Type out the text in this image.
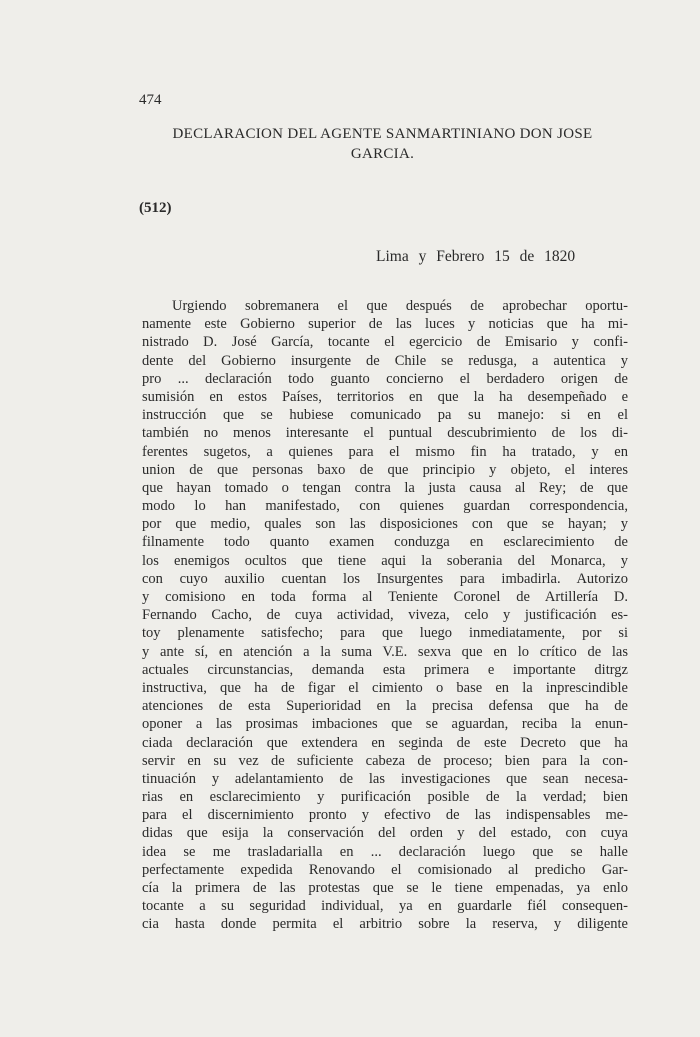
474
DECLARACION DEL AGENTE SANMARTINIANO DON JOSE
GARCIA.
(512)
Lima y Febrero 15 de 1820
Urgiendo sobremanera el que después de aprobechar oportu-
namente este Gobierno superior de las luces y noticias que ha mi-
nistrado D. José García, tocante el egercicio de Emisario y confi-
dente del Gobierno insurgente de Chile se redusga, a autentica y
pro ... declaración todo guanto concierno el berdadero origen de
sumisión en estos Países, territorios en que la ha desempeñado e
instrucción que se hubiese comunicado pa su manejo: si en el
también no menos interesante el puntual descubrimiento de los di-
ferentes sugetos, a quienes para el mismo fin ha tratado, y en
union de que personas baxo de que principio y objeto, el interes
que hayan tomado o tengan contra la justa causa al Rey; de que
modo lo han manifestado, con quienes guardan correspondencia,
por que medio, quales son las disposiciones con que se hayan; y
filnamente todo quanto examen conduzga en esclarecimiento de
los enemigos ocultos que tiene aqui la soberania del Monarca, y
con cuyo auxilio cuentan los Insurgentes para imbadirla. Autorizo
y comisiono en toda forma al Teniente Coronel de Artillería D.
Fernando Cacho, de cuya actividad, viveza, celo y justificación es-
toy plenamente satisfecho; para que luego inmediatamente, por si
y ante sí, en atención a la suma V.E. sexva que en lo crítico de las
actuales circunstancias, demanda esta primera e importante ditrgz
instructiva, que ha de figar el cimiento o base en la inprescindible
atenciones de esta Superioridad en la precisa defensa que ha de
oponer a las prosimas imbaciones que se aguardan, reciba la enun-
ciada declaración que extendera en seginda de este Decreto que ha
servir en su vez de suficiente cabeza de proceso; bien para la con-
tinuación y adelantamiento de las investigaciones que sean necesa-
rias en esclarecimiento y purificación posible de la verdad; bien
para el discernimiento pronto y efectivo de las indispensables me-
didas que esija la conservación del orden y del estado, con cuya
idea se me trasladarialla en ... declaración luego que se halle
perfectamente expedida Renovando el comisionado al predicho Gar-
cía la primera de las protestas que se le tiene empenadas, ya enlo
tocante a su seguridad individual, ya en guardarle fiél consequen-
cia hasta donde permita el arbitrio sobre la reserva, y diligente
